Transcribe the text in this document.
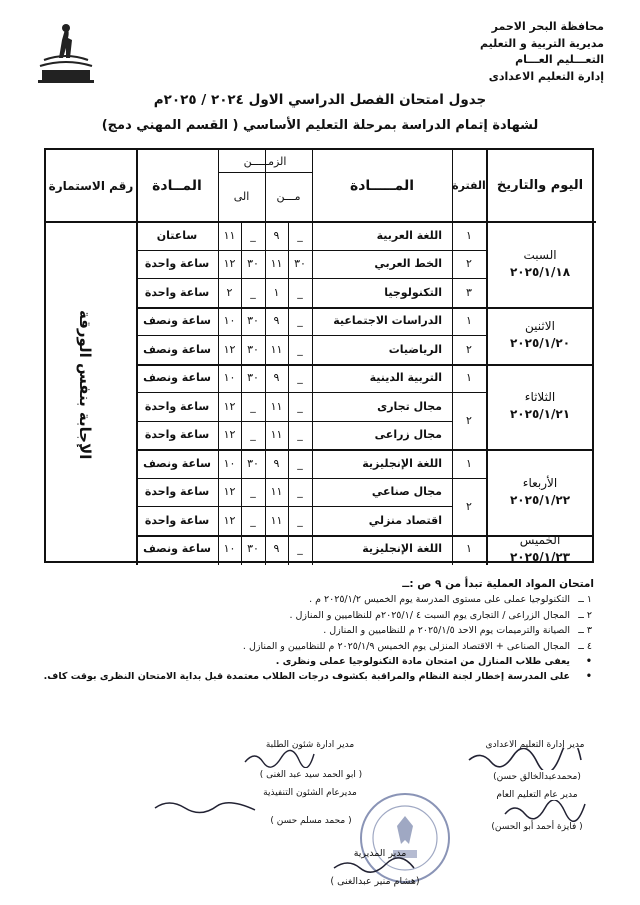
محافظة البحر الاحمر
مديرية التربية و التعليم
التعـــليم العـــام
إدارة التعليم الاعدادى
جدول امتحان الفصل الدراسي الاول ٢٠٢٤ / ٢٠٢٥م
لشهادة إتمام الدراسة بمرحلة التعليم الأساسي ( القسم المهني دمج)
اليوم والتاريخ
الفترة
المـــــادة
الزمـــــن
مـــن
الى
المــادة
رقم الاستمارة
السبت
٢٠٢٥/١/١٨
الاثنين
٢٠٢٥/١/٢٠
الثلاثاء
٢٠٢٥/١/٢١
الأربعاء
٢٠٢٥/١/٢٢
الخميس
٢٠٢٥/١/٢٣
١
٢
٣
١
٢
١
٢
١
٢
١
اللغة العربية
_
٩
_
١١
ساعتان
الخط العربي
٣٠
١١
٣٠
١٢
ساعة واحدة
التكنولوجيا
_
١
_
٢
ساعة واحدة
الدراسات الاجتماعية
_
٩
٣٠
١٠
ساعة ونصف
الرياضيات
_
١١
٣٠
١٢
ساعة ونصف
التربية الدينية
_
٩
٣٠
١٠
ساعة ونصف
مجال تجارى
_
١١
_
١٢
ساعة واحدة
مجال زراعى
_
١١
_
١٢
ساعة واحدة
اللغة الإنجليزية
_
٩
٣٠
١٠
ساعة ونصف
مجال صناعي
_
١١
_
١٢
ساعة واحدة
اقتصاد منزلي
_
١١
_
١٢
ساعة واحدة
اللغة الإنجليزية
_
٩
٣٠
١٠
ساعة ونصف
الإجابة بنفس الورقة
امتحان المواد العملية تبدأ من ٩ ص :ــ
١ ــ
التكنولوجيا عملى على مستوى المدرسة يوم الخميس ٢٠٢٥/١/٢ م .
٢ ــ
المجال الزراعى / التجارى يوم السبت ٤ /٢٠٢٥/١م للنظاميين و المنازل .
٣ ــ
الصيانة والترميمات يوم الاحد ٢٠٢٥/١/٥ م للنظاميين و المنازل .
٤ ــ
المجال الصناعى + الاقتصاد المنزلى يوم الخميس ٢٠٢٥/١/٩ م للنظاميين و المنازل .
•
يعفى طلاب المنازل من امتحان مادة التكنولوجيا عملى ونظرى .
•
على المدرسة إخطار لجنة النظام والمراقبة بكشوف درجات الطلاب معتمدة قبل بداية الامتحان النظرى بوقت كاف.
مدير ادارة شئون الطلبة
( ابو الحمد سيد عبد الغنى )
مديرعام الشئون التنفيذية
( محمد مسلم حسن )
مدير إدارة التعليم الاعدادى
(محمدعبدالخالق حسن)
مدير عام التعليم العام
( فايزة أحمد أبو الحسن)
مدير المديرية
(هشام منير عبدالغنى )
